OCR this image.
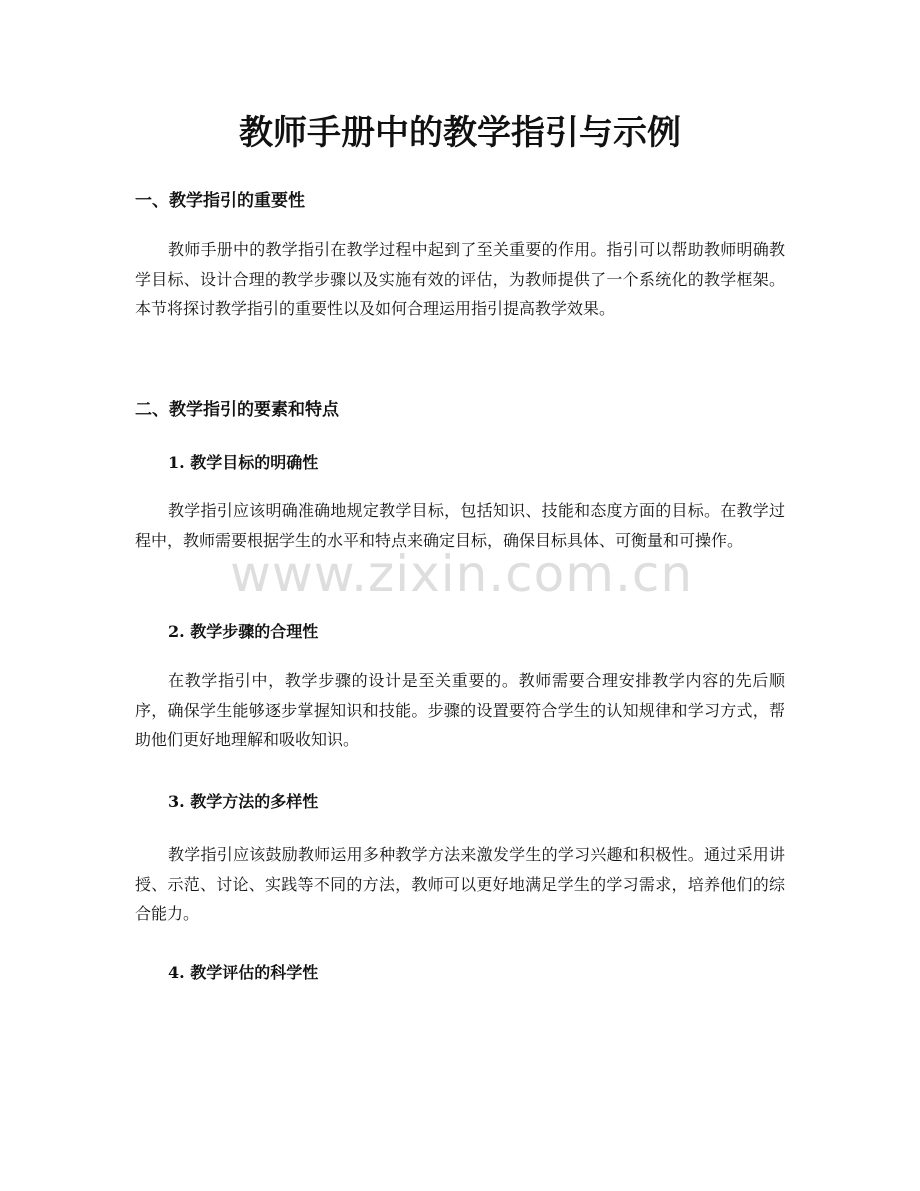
教师手册中的教学指引与示例
一、教学指引的重要性

教师手册中的教学指引在教学过程中起到了至关重要的作用。指引可以帮助教师明确教学目标、设计合理的教学步骤以及实施有效的评估，为教师提供了一个系统化的教学框架。本节将探讨教学指引的重要性以及如何合理运用指引提高教学效果。

二、教学指引的要素和特点
1. 教学目标的明确性

教学指引应该明确准确地规定教学目标，包括知识、技能和态度方面的目标。在教学过程中，教师需要根据学生的水平和特点来确定目标，确保目标具体、可衡量和可操作。

2. 教学步骤的合理性

在教学指引中，教学步骤的设计是至关重要的。教师需要合理安排教学内容的先后顺序，确保学生能够逐步掌握知识和技能。步骤的设置要符合学生的认知规律和学习方式，帮助他们更好地理解和吸收知识。

3. 教学方法的多样性

教学指引应该鼓励教师运用多种教学方法来激发学生的学习兴趣和积极性。通过采用讲授、示范、讨论、实践等不同的方法，教师可以更好地满足学生的学习需求，培养他们的综合能力。

4. 教学评估的科学性
www.zixin.com.cn
